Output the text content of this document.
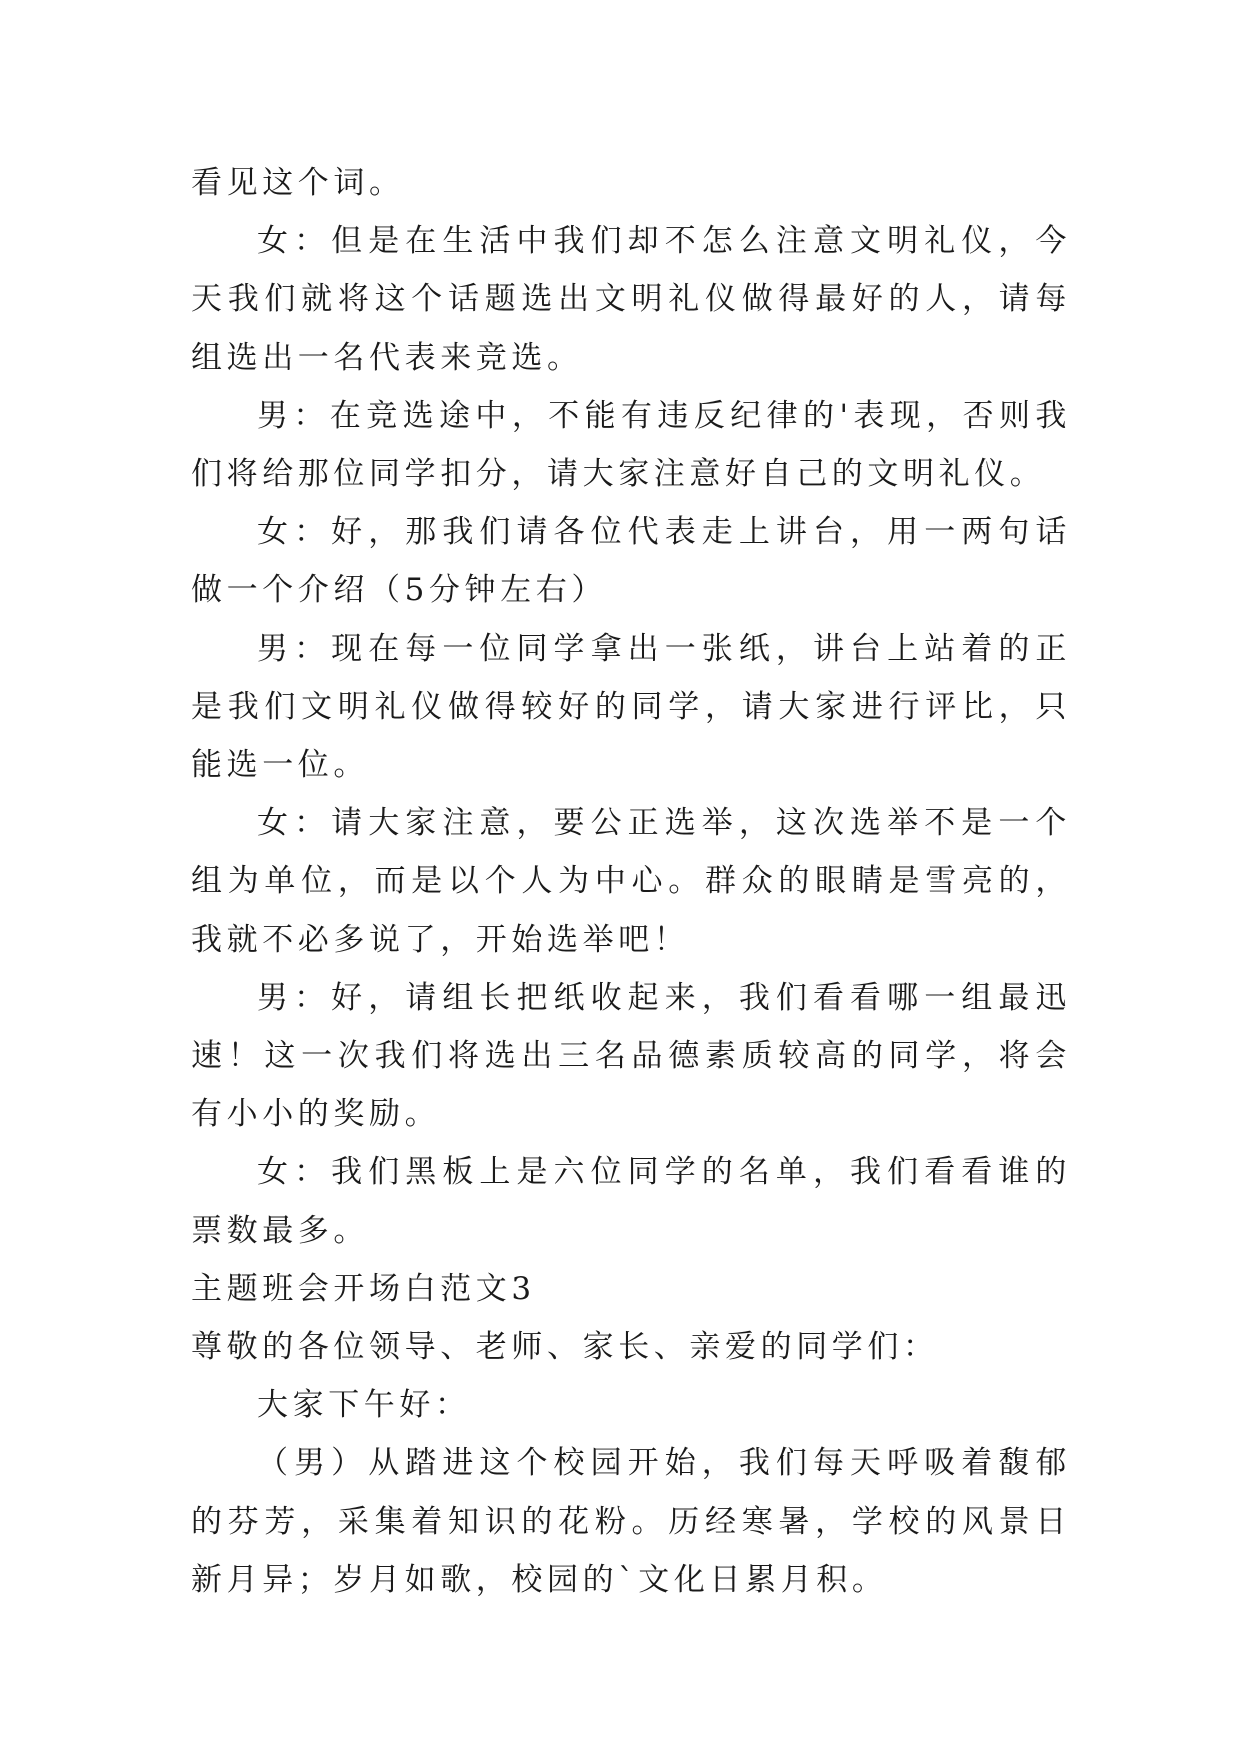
看见这个词。

女：但是在生活中我们却不怎么注意文明礼仪，今天我们就将这个话题选出文明礼仪做得最好的人，请每组选出一名代表来竞选。

男：在竞选途中，不能有违反纪律的'表现，否则我们将给那位同学扣分，请大家注意好自己的文明礼仪。

女：好，那我们请各位代表走上讲台，用一两句话做一个介绍（5分钟左右）

男：现在每一位同学拿出一张纸，讲台上站着的正是我们文明礼仪做得较好的同学，请大家进行评比，只能选一位。

女：请大家注意，要公正选举，这次选举不是一个组为单位，而是以个人为中心。群众的眼睛是雪亮的，我就不必多说了，开始选举吧！

男：好，请组长把纸收起来，我们看看哪一组最迅速！这一次我们将选出三名品德素质较高的同学，将会有小小的奖励。

女：我们黑板上是六位同学的名单，我们看看谁的票数最多。

主题班会开场白范文3

尊敬的各位领导、老师、家长、亲爱的同学们：

大家下午好：

（男）从踏进这个校园开始，我们每天呼吸着馥郁的芬芳，采集着知识的花粉。历经寒暑，学校的风景日新月异；岁月如歌，校园的`文化日累月积。
